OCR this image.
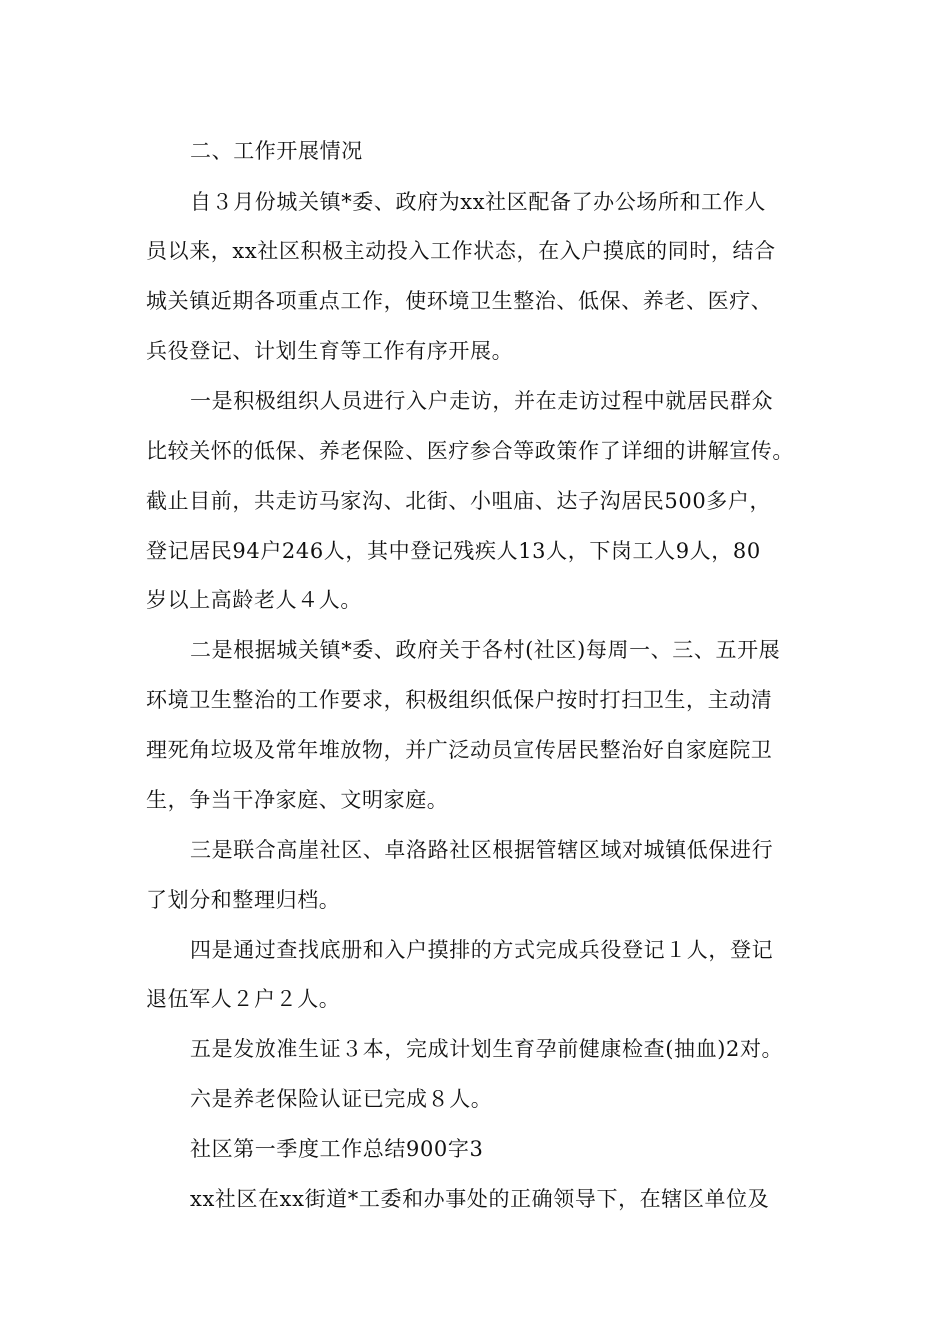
二、工作开展情况
自３月份城关镇*委、政府为xx社区配备了办公场所和工作人
员以来，xx社区积极主动投入工作状态，在入户摸底的同时，结合
城关镇近期各项重点工作，使环境卫生整治、低保、养老、医疗、
兵役登记、计划生育等工作有序开展。
一是积极组织人员进行入户走访，并在走访过程中就居民群众
比较关怀的低保、养老保险、医疗参合等政策作了详细的讲解宣传。
截止目前，共走访马家沟、北街、小咀庙、达子沟居民500多户，
登记居民94户246人，其中登记残疾人13人，下岗工人9人，80
岁以上高龄老人４人。
二是根据城关镇*委、政府关于各村(社区)每周一、三、五开展
环境卫生整治的工作要求，积极组织低保户按时打扫卫生，主动清
理死角垃圾及常年堆放物，并广泛动员宣传居民整治好自家庭院卫
生，争当干净家庭、文明家庭。
三是联合高崖社区、卓洛路社区根据管辖区域对城镇低保进行
了划分和整理归档。
四是通过查找底册和入户摸排的方式完成兵役登记１人，登记
退伍军人２户２人。
五是发放准生证３本，完成计划生育孕前健康检查(抽血)2对。
六是养老保险认证已完成８人。
社区第一季度工作总结900字3
xx社区在xx街道*工委和办事处的正确领导下，在辖区单位及
